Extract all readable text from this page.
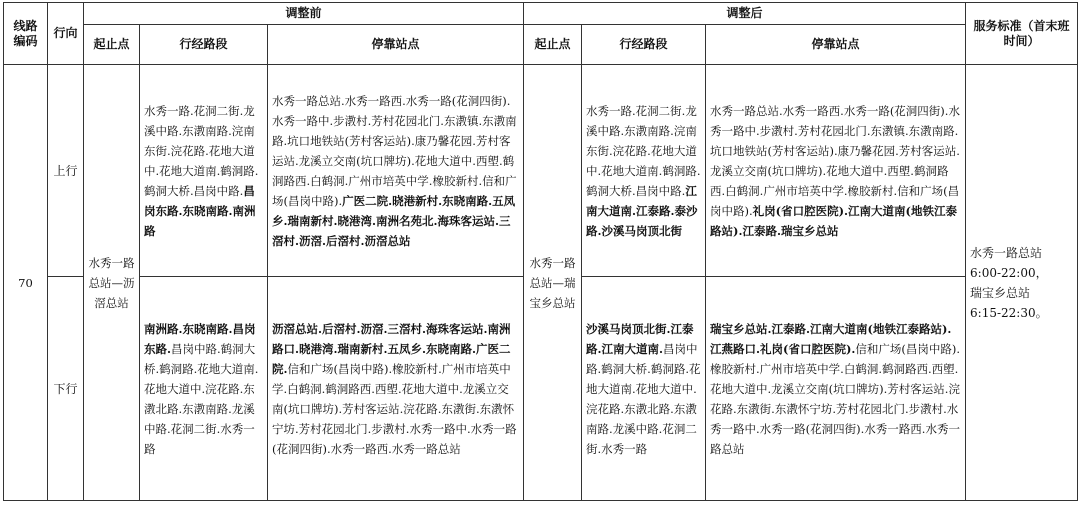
线路编码	行向	调整前			调整后			服务标准（首末班时间）
		起止点	行经路段	停靠站点	起止点	行经路段	停靠站点	
70	上行	水秀一路总站—沥滘总站	水秀一路.花洞二街.龙溪中路.东漖南路.浣南东街.浣花路.花地大道中.花地大道南.鹤洞路.鹤洞大桥.昌岗中路.昌岗东路.东晓南路.南洲路	水秀一路总站.水秀一路西.水秀一路(花洞四街).水秀一路中.步漖村.芳村花园北门.东漖镇.东漖南路.坑口地铁站(芳村客运站).康乃馨花园.芳村客运站.龙溪立交南(坑口牌坊).花地大道中.西塱.鹤洞路西.白鹤洞.广州市培英中学.橡胶新村.信和广场(昌岗中路).广医二院.晓港新村.东晓南路.五凤乡.瑞南新村.晓港湾.南洲名苑北.海珠客运站.三滘村.沥滘.后滘村.沥滘总站	水秀一路总站—瑞宝乡总站	水秀一路.花洞二街.龙溪中路.东漖南路.浣南东街.浣花路.花地大道中.花地大道南.鹤洞路.鹤洞大桥.昌岗中路.江南大道南.江泰路.泰沙路.沙溪马岗顶北街	水秀一路总站.水秀一路西.水秀一路(花洞四街).水秀一路中.步漖村.芳村花园北门.东漖镇.东漖南路.坑口地铁站(芳村客运站).康乃馨花园.芳村客运站.龙溪立交南(坑口牌坊).花地大道中.西塱.鹤洞路西.白鹤洞.广州市培英中学.橡胶新村.信和广场(昌岗中路).礼岗(省口腔医院).江南大道南(地铁江泰路站).江泰路.瑞宝乡总站	水秀一路总站
6:00-22:00，
瑞宝乡总站
6:15-22:30。

	下行		南洲路.东晓南路.昌岗东路.昌岗中路.鹤洞大桥.鹤洞路.花地大道南.花地大道中.浣花路.东漖北路.东漖南路.龙溪中路.花洞二街.水秀一路	沥滘总站.后滘村.沥滘.三滘村.海珠客运站.南洲路口.晓港湾.瑞南新村.五凤乡.东晓南路.广医二院.信和广场(昌岗中路).橡胶新村.广州市培英中学.白鹤洞.鹤洞路西.西塱.花地大道中.龙溪立交南(坑口牌坊).芳村客运站.浣花路.东漖街.东漖怀宁坊.芳村花园北门.步漖村.水秀一路中.水秀一路(花洞四街).水秀一路西.水秀一路总站		沙溪马岗顶北街.江泰路.江南大道南.昌岗中路.鹤洞大桥.鹤洞路.花地大道南.花地大道中.浣花路.东漖北路.东漖南路.龙溪中路.花洞二街.水秀一路	瑞宝乡总站.江泰路.江南大道南(地铁江泰路站).江燕路口.礼岗(省口腔医院).信和广场(昌岗中路).橡胶新村.广州市培英中学.白鹤洞.鹤洞路西.西塱.花地大道中.龙溪立交南(坑口牌坊).芳村客运站.浣花路.东漖街.东漖怀宁坊.芳村花园北门.步漖村.水秀一路中.水秀一路(花洞四街).水秀一路西.水秀一路总站	
